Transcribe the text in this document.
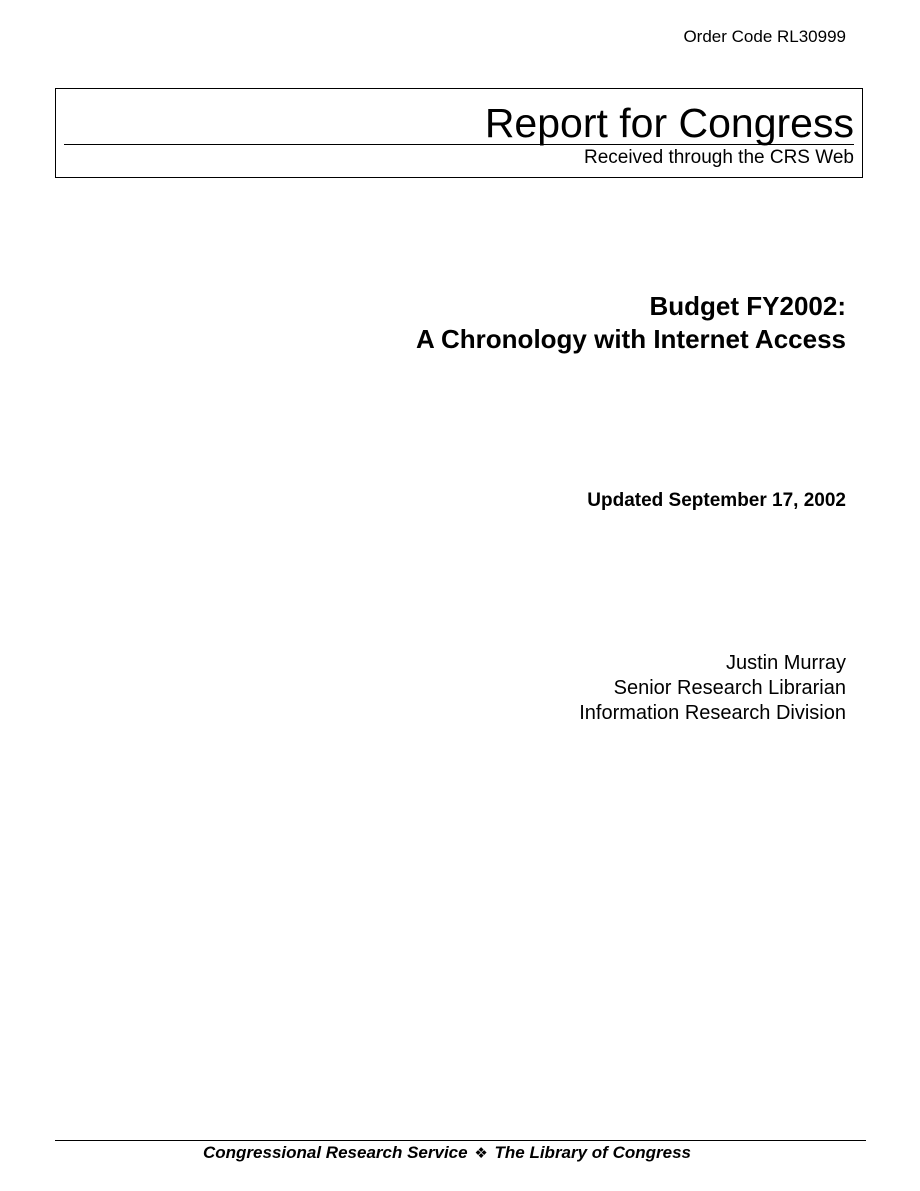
Order Code RL30999
Report for Congress
Received through the CRS Web
Budget FY2002:
A Chronology with Internet Access
Updated September 17, 2002
Justin Murray
Senior Research Librarian
Information Research Division
Congressional Research Service ❖ The Library of Congress
